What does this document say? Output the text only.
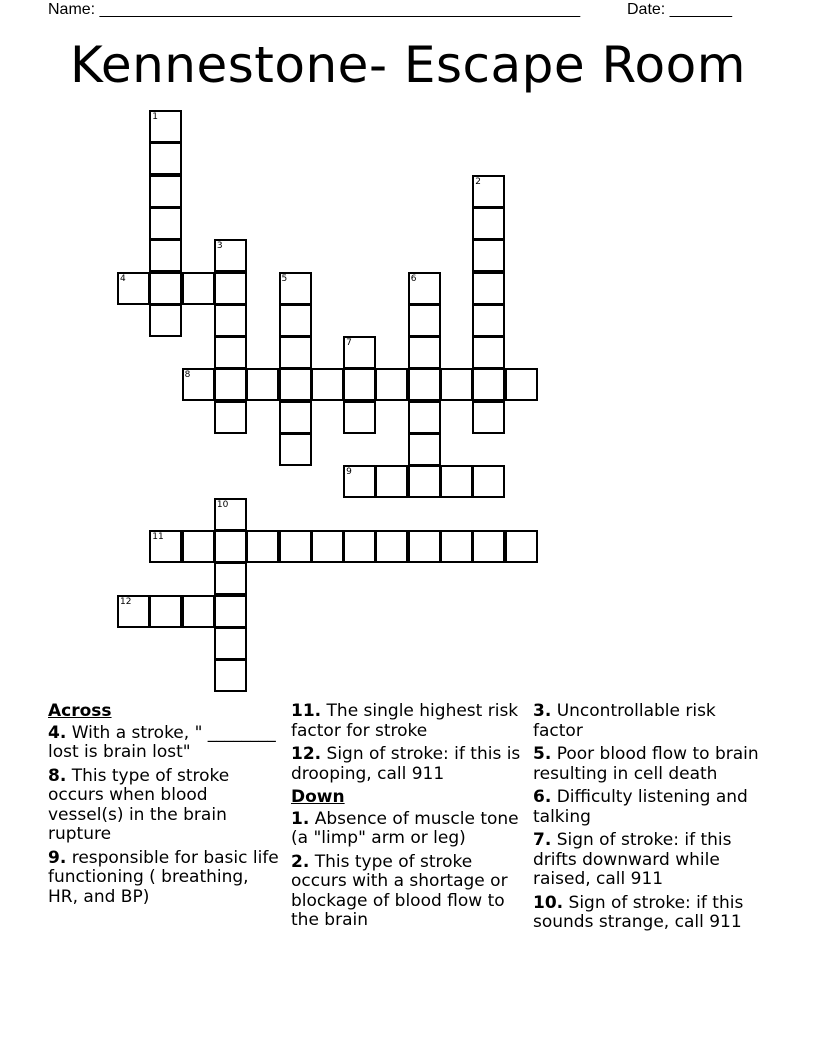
Name: ______________________________________________________	Date: _______
Kennestone- Escape Room
1
2
3
4	5	6
7
8
9
10
11
12
Across
4. With a stroke, " ________ lost is brain lost"
8. This type of stroke occurs when blood vessel(s) in the brain rupture
9. responsible for basic life functioning ( breathing, HR, and BP)
11. The single highest risk factor for stroke
12. Sign of stroke: if this is drooping, call 911
Down
1. Absence of muscle tone (a "limp" arm or leg)
2. This type of stroke occurs with a shortage or blockage of blood flow to the brain
3. Uncontrollable risk factor
5. Poor blood flow to brain resulting in cell death
6. Difficulty listening and talking
7. Sign of stroke: if this drifts downward while raised, call 911
10. Sign of stroke: if this sounds strange, call 911
